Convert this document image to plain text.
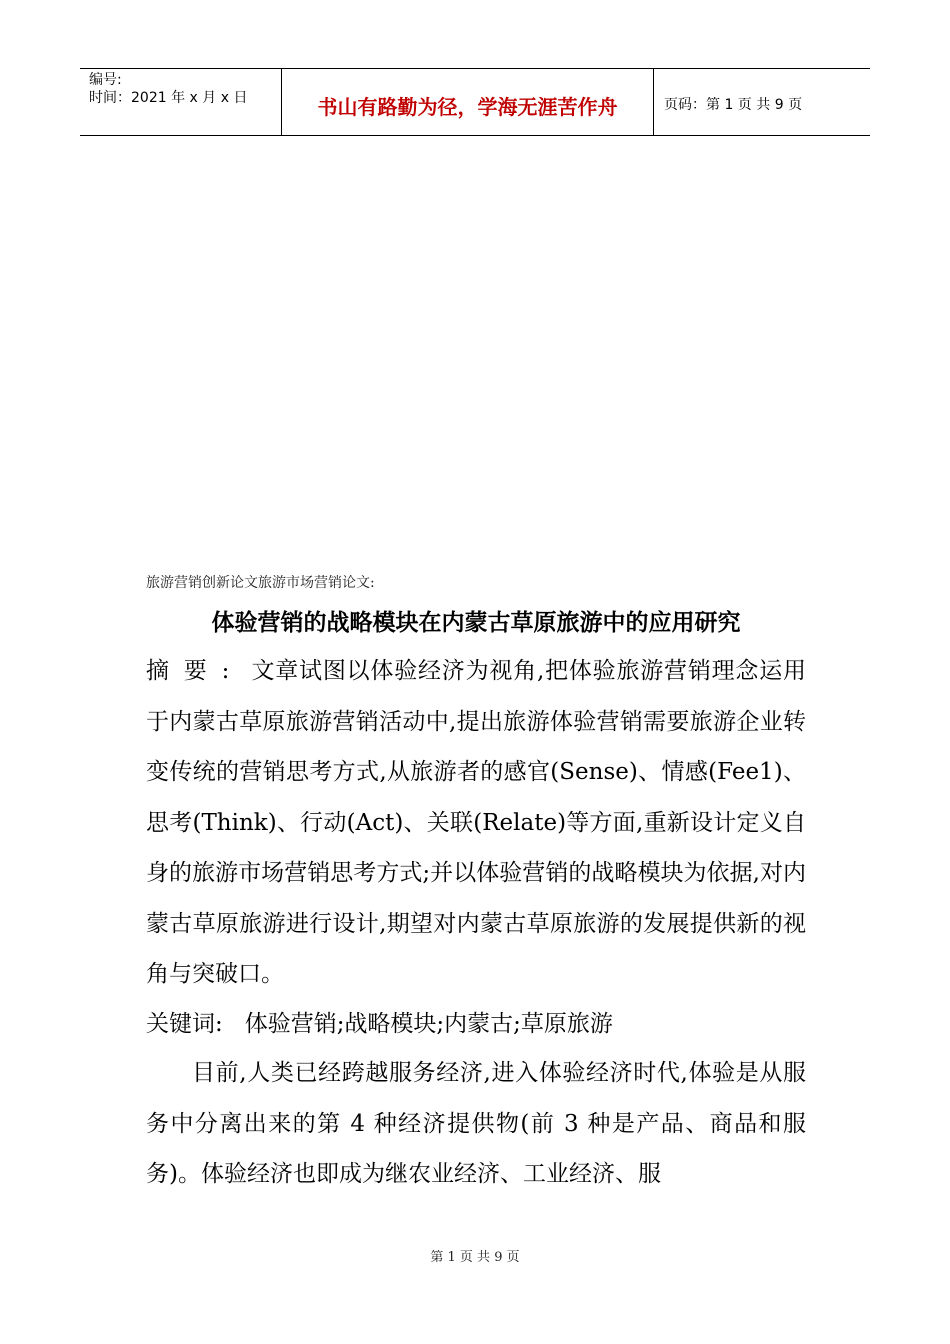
编号:
时间：2021 年 x 月 x 日	书山有路勤为径，学海无涯苦作舟	页码：第 1 页 共 9 页
旅游营销创新论文旅游市场营销论文:
体验营销的战略模块在内蒙古草原旅游中的应用研究
摘要: 文章试图以体验经济为视角,把体验旅游营销理念运用于内蒙古草原旅游营销活动中,提出旅游体验营销需要旅游企业转变传统的营销思考方式,从旅游者的感官(Sense)、情感(Fee1)、思考(Think)、行动(Act)、关联(Relate)等方面,重新设计定义自身的旅游市场营销思考方式;并以体验营销的战略模块为依据,对内蒙古草原旅游进行设计,期望对内蒙古草原旅游的发展提供新的视角与突破口。
关键词: 体验营销;战略模块;内蒙古;草原旅游
目前,人类已经跨越服务经济,进入体验经济时代,体验是从服务中分离出来的第 4 种经济提供物(前 3 种是产品、商品和服务)。体验经济也即成为继农业经济、工业经济、服
第 1 页 共 9 页
